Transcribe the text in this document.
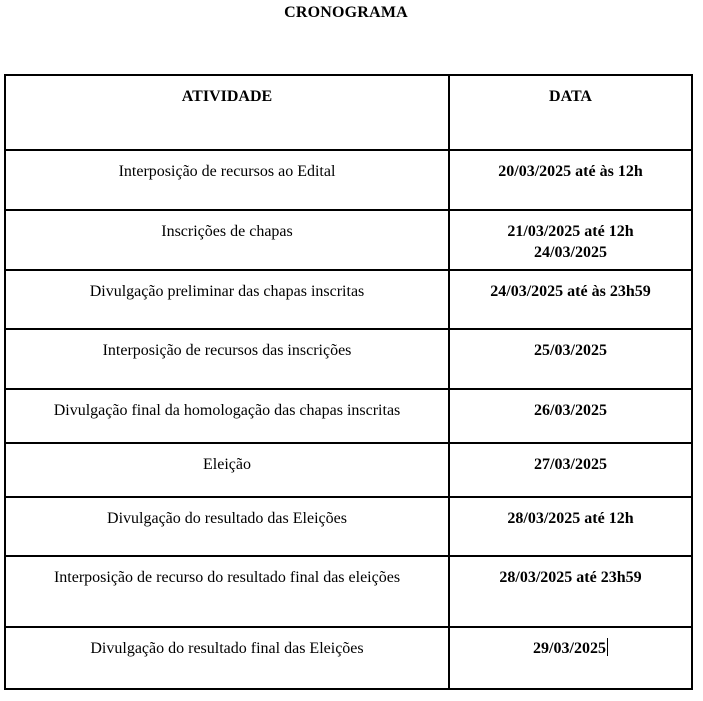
CRONOGRAMA
ATIVIDADE	DATA

Interposição de recursos ao Edital	20/03/2025 até às 12h

Inscrições de chapas	21/03/2025 até 12h
24/03/2025

Divulgação preliminar das chapas inscritas	24/03/2025 até às 23h59

Interposição de recursos das inscrições	25/03/2025

Divulgação final da homologação das chapas inscritas	26/03/2025

Eleição	27/03/2025

Divulgação do resultado das Eleições	28/03/2025 até 12h

Interposição de recurso do resultado final das eleições	28/03/2025 até 23h59

Divulgação do resultado final das Eleições	29/03/2025
